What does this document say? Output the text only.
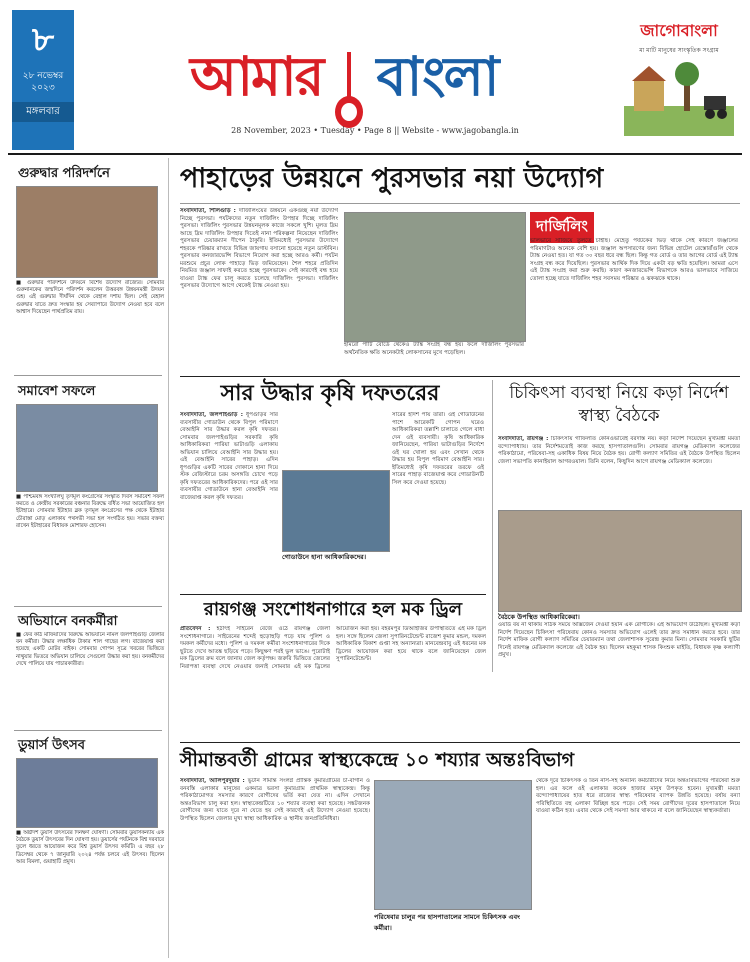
৮
২৮ নভেম্বর ২০২৩
মঙ্গলবার
আমার বাংলা
28 November, 2023 • Tuesday • Page 8 || Website - www.jagobangla.in
জাগোবাংলা
মা মাটি মানুষের সাংস্কৃতিক সংগ্রাম
গুরুদ্বার পরিদর্শনে
■ গুরুদ্বার পরিদর্শনে উদয়নে বিশেষ উদ্যোগ রাজ্যের। সোমবার গুরুনানকের জন্মদিনে পরিদর্শন করলেন উত্তরবঙ্গ উন্নয়নমন্ত্রী উদয়ন গুহ। এই গুরুদ্বার দীর্ঘদিন থেকে বেহাল দশায় ছিল। সেই বেহাল গুরুদ্বার যাতে দ্রুত সংস্কার হয় সেব্যাপারে উদ্যোগ নেওয়া হবে বলে আশ্বাস দিয়েছেন পার্থপ্রতিম রায়।
সমাবেশ সফলে
■ পশ্চিমবঙ্গ সংখ্যালঘু তৃণমূল কংগ্রেসের সংস্কৃতি দিবস সমাবেশ সফল করতে ও কেন্দ্রীয় সরকারের বঞ্চনার বিরুদ্ধে বর্ধিত সভা আয়োজিত হল ইটাহারে। সোমবার ইটাহার ব্লক তৃণমূল কংগ্রেসের পক্ষ থেকে ইটাহার চৌরাস্তা মোড় এলাকায় পথসভী সভা হল সংগঠিত হয়। সভার বক্তব্য রাখেন ইটাহারের বিধায়ক মোশারফ হোসেন।
অভিযানে বনকর্মীরা
■ ফের কাঠ মাফিয়াদের বিরুদ্ধে অভিযানে নামল জলপাইগুড়ি জেলার বন কর্মীরা। উদ্ধার লক্ষাধিক টাকার শাল গাছের লগ। বাজেয়াপ্ত করা হয়েছে একটি মোটর বাইক। সোমবার গোপন সূত্রে খবরের ভিত্তিতে নাথুয়ার ভিতরে অভিযান চালিয়ে সেগুলো উদ্ধার করা হয়। বনকর্মীদের দেখে পালিয়ে যায় পাচারকারীরা।
ডুয়ার্স উৎসব
■ অষ্টাদশ ডুয়ার্স উৎসবের দিনক্ষণ ঘোষণা। সোমবার ডুয়ার্সকন্যায় এক বৈঠকে ডুয়ার্স উৎসবের দিন ঘোষণা হয়। ডুয়ার্সের পর্যটনকে বিশ্ব দরবারে তুলে ধরতে আয়োজন করে বিশ্ব ডুয়ার্স উৎসব কমিটি। এ বছর ২৮ ডিসেম্বর থেকে ৭ জানুয়ারি ২০২৪ পর্যন্ত চলবে এই উৎসব। ছিলেন আর বিমলা, গুয়াহাটি প্রমুখ।
পাহাড়ের উন্নয়নে পুরসভার নয়া উদ্যোগ
সংবাদদাতা, শিলিগুড়ি : দার্জিলিংয়ের উন্নয়নে একগুচ্ছ নয়া উদ্যোগ নিচ্ছে পুরসভা। পর্যটকদের নতুন দার্জিলিং উপহার দিচ্ছে দার্জিলিং পুরসভা। দার্জিলিং পুরসভার উন্নয়নমূলক কাজে সকলে খুশি। মূলত দ্রিম আছে দ্রিম দার্জিলিং উপহার দিতেই নানা পরিকল্পনা নিয়েছেন দার্জিলিং পুরসভার চেয়ারম্যান দীপেন ঠাকুরি। ইতিমধ্যেই পুরসভার উদ্যোগে শহরকে পরিষ্কার রাখতে বিভিন্ন জায়গায় বসানো হয়েছে নতুন ডাস্টবিন। পুরসভার কনজারভেন্সি বিভাগে নিয়োগ করা হচ্ছে আরও কর্মী। পর্যটন মরশুমে প্রচুর লোক পাহাড়ে ভিড় জমিয়েছেন। শৈল শহরে প্রতিদিন নিয়মিত জঞ্জাল সাফাই করতে হচ্ছে পুরসভাকে। সেই কারণেই বন্ধ হয়ে যাওয়া ট্যাঙ্ক ফের চালু করতে চলেছে দার্জিলিং পুরসভা। দার্জিলিং পুরসভার উদ্যোগে আগে থেকেই ট্যাঙ্ক নেওয়া হয়।
হামরো পার্টি বোর্ডে থেকেও ট্যাঙ্ক সংগ্রহ বন্ধ হয়। ফলে দার্জিলিং পুরসভার অর্থনৈতিক ক্ষতি অনেকটাই লোকসানের মুখে পড়েছিল।
দার্জিলিং
ভালভাবে সাজিয়ে তুলতে চাইছি। মেহেতু পর্যটকের ভিড় থাকে সেই কারণে জঞ্জালের পরিমাণটাও অনেকে বেশি হয়। জঞ্জাল অপসারণের জন্য বিভিন্ন হোটেল রেস্তোরাঁগুলি থেকে ট্যাঙ্ক নেওয়া হত। যা গত ৩০ বছর ধরে বন্ধ ছিল। কিন্তু গত বোর্ড ও তার আগের বোর্ড এই ট্যাঙ্ক সংগ্রহ বন্ধ করে দিয়েছিল। পুরসভার আর্থিক দিক দিয়ে একটা বড় ক্ষতি হয়েছিল। আমরা এসে এই ট্যাঙ্ক সংগ্রহ করা শুরু করছি। কারণ কনজারভেন্সি বিভাগকে আরও ভালভাবে সাজিয়ে তোলা হচ্ছে যাতে দার্জিলিং শহর সবসময় পরিষ্কার ও ঝকঝকে থাকে।
সার উদ্ধার কৃষি দফতরের
সংবাদদাতা, জলপাইগুড়ি : ধূপগুড়ির সার ব্যবসায়ীর গোডাউন থেকে বিপুল পরিমাণে বেআইনি সার উদ্ধার করল কৃষি দফতর। সোমবার জলপাইগুড়ির সরকারি কৃষি আধিকারিকরা পারিয়া ভাটাগুড়ি এলাকায় অভিযান চালিয়ে বেআইনি সার উদ্ধার হয়। এই বেআইনি সারের পাহাড়। এদিন ধূপগুড়ির একটি সারের দোকানে হানা দিয়ে স্টক রেজিস্টারে চরম অসঙ্গতি চোখে পড়ে কৃষি দফতরের আধিকারিকদের। পরে ওই সার ব্যবসায়ীর গোডাউনে হানা বেআইনি সার বাজেয়াপ্ত করল কৃষি দফতর।
গোডাউনে হানা আধিকারিকদের।
সারের হদিশ পায় তারা। ওই গোডাউনের পাশে আরেকটি গোপন ঘরেও আধিকারিকরা তল্লাশি চালাতে গেলে বাধা দেন ওই ব্যবসায়ী। কৃষি আধিকারিক জানিয়েছেন, পারিয়া ভাটাগুড়ির নির্দেশে ওই ঘর খোলা হয় এবং সেখান থেকে উদ্ধার হয় বিপুল পরিমাণ বেআইনি সার। ইতিমধ্যেই কৃষি দফতরের তরফে ওই সারের পাহাড় বাজেয়াপ্ত করে গোডাউনটি সিল করে দেওয়া হয়েছে।
চিকিৎসা ব্যবস্থা নিয়ে কড়া নির্দেশ স্বাস্থ্য বৈঠকে
সংবাদদাতা, রায়গঞ্জ : চিকিৎসায় গাফিলতি কোনওভাবেই বরদাস্ত নয়। কড়া নির্দেশ দিয়েছেন মুখ্যমন্ত্রী মমতা বন্দ্যোপাধ্যায়। তার নির্দেশমতোই কাজ করছে হাসপাতালগুলি। সোমবার রায়গঞ্জ মেডিক্যাল কলেজের পরিকাঠামো, পরিষেবা-সহ একাধিক বিষয় নিয়ে বৈঠক হয়। রোগী কল্যাণ সমিতির ওই বৈঠকে উপস্থিত ছিলেন জেলা সভাপতি কানাইয়াল আগরওয়াল। তিনি বলেন, কিছুদিন আগে রায়গঞ্জ মেডিক্যাল কলেজে।
বৈঠকে উপস্থিত আধিকারিকেরা।
ওয়ার্ড বয় না থাকায় সঠিক সময়ে অক্সিজেন দেওয়া হয়নি এক রোগীকে। এই অভিযোগ উঠেছিল। মুখ্যমন্ত্রী কড়া নির্দেশ দিয়েছেন চিকিৎসা পরিষেবায় কোনও সমস্যার অভিযোগ এলেই তার দ্রুত সমাধান করতে হবে। তার নির্দেশ মাফিক রোগী কল্যাণ সমিতির চেয়ারম্যান তথা জেলাশাসক সুরেন্দ্র কুমার মিনা। সোমবার সরকারি ছুটির দিনেই রায়গঞ্জ মেডিক্যাল কলেজে এই বৈঠক হয়। ছিলেন মহকুমা শাসক কিংশুক মাইতি, বিধায়ক কৃষ্ণ কল্যাণী প্রমুখ।
রায়গঞ্জ সংশোধনাগারে হল মক ড্রিল
প্রতিবেদন : হঠাৎই সাইরেন বেজে ওঠে রায়গঞ্জ জেলা সংশোধনাগারে। সাইরেনের শব্দেই হুড়োহুড়ি পড়ে যায় পুলিশ ও দমকল কর্মীদের মধ্যে। পুলিশ ও দমকল কর্মীরা সংশোধনাগারের দিকে ছুটতে দেখে আতঙ্ক ছড়িয়ে পড়ে। কিছুক্ষণ পরই ভুল ভাঙে। পুরোটাই মক ড্রিলের ক্রম বলে জানায় জেল কর্তৃপক্ষ। জরুরি ভিত্তিতে জেলের নিরাপত্তা ব্যবস্থা দেখে নেওয়ার জন্যই সোমবার এই মক ড্রিলের আয়োজন করা হয়। বহরমপুর ডিআইজির উপস্থিতিতে এই মক ড্রিল হল। সঙ্গে ছিলেন জেলা সুপারিনটেন্ডেন্ট রাজেশ কুমার মন্ডল, দমকল আধিকারিক বিকাশ গুপ্তা সহ অন্যান্যরা। মানবেন্দ্রবাবু এই ধরনের মক ড্রিলের আয়োজন করা হয়ে থাকে বলে জানিয়েছেন জেল সুপারিনটেন্ডেন্ট।
সীমান্তবর্তী গ্রামের স্বাস্থ্যকেন্দ্রে ১০ শয্যার অন্তঃবিভাগ
সংবাদদাতা, আলিপুরদুয়ার : ভুটান সীমান্ত সংলগ্ন প্রান্তিক কুমারগ্রামের চা-বাগান ও বনবস্তি এলাকার মানুষের একমাত্র ভরসা কুমারগ্রাম প্রাথমিক স্বাস্থ্যকেন্দ্র। কিন্তু পরিকাঠামোগত সমস্যার কারণে রোগীদের ভর্তি করা যেত না। এদিন সেখানে অন্তঃবিভাগ চালু করা হল। স্বাস্থ্যকেন্দ্রটিতে ১০ শয্যার ব্যবস্থা করা হয়েছে। সঙ্কটজনক রোগীদের জন্য যাতে দূরে না যেতে হয় সেই কারণেই এই উদ্যোগ নেওয়া হয়েছে। উপস্থিত ছিলেন জেলার মুখ্য স্বাস্থ্য আধিকারিক ও স্থানীয় জনপ্রতিনিধিরা।
পরিষেবার চালুর পর হাসপাতালের সামনে চিকিৎসক এবং কর্মীরা।
থেকে দূরে চিকিৎসক ও তিন নার্স-সহ অন্যান্য কর্মচারীদের নিয়ে অন্তঃবিভাগের পরিষেবা শুরু হল। এর ফলে ওই এলাকার কয়েক হাজার মানুষ উপকৃত হবেন। মুখ্যমন্ত্রী মমতা বন্দ্যোপাধ্যায়ের হাত ধরে রাজ্যের স্বাস্থ্য পরিষেবার ব্যাপক উন্নতি হয়েছে। বর্ষায় বন্যা পরিস্থিতিতে বহু এলাকা বিচ্ছিন্ন হয়ে পড়ে। সেই সময় রোগীদের দূরের হাসপাতালে নিয়ে যাওয়া কঠিন হত। এবার থেকে সেই সমস্যা আর থাকবে না বলে জানিয়েছেন স্বাস্থ্যকর্তারা।
